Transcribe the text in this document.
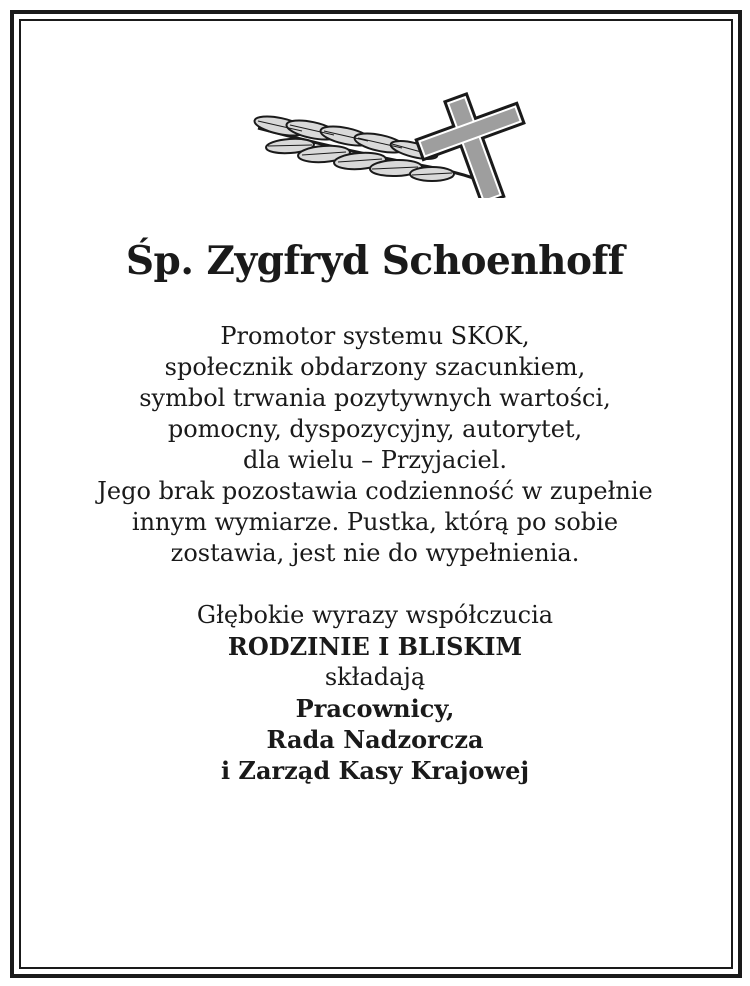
Śp. Zygfryd Schoenhoff
Promotor systemu SKOK,
społecznik obdarzony szacunkiem,
symbol trwania pozytywnych wartości,
pomocny, dyspozycyjny, autorytet,
dla wielu – Przyjaciel.
Jego brak pozostawia codzienność w zupełnie
innym wymiarze. Pustka, którą po sobie
zostawia, jest nie do wypełnienia.
Głębokie wyrazy współczucia
RODZINIE I BLISKIM
składają
Pracownicy,
Rada Nadzorcza
i Zarząd Kasy Krajowej
